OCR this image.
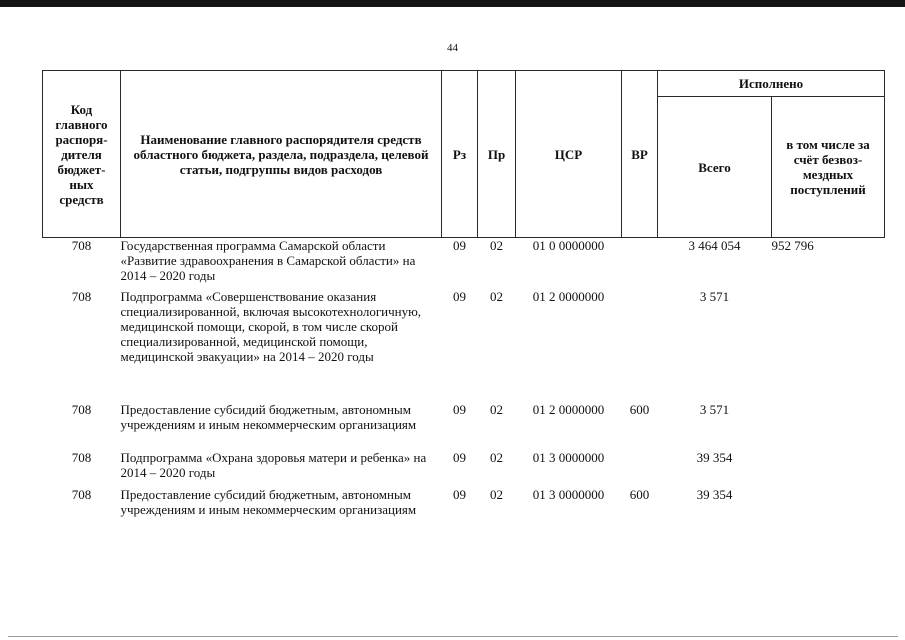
44
Код главного распоря-дителя бюджет-ных средств	Наименование главного распорядителя средств областного бюджета, раздела, подраздела, целевой статьи, подгруппы видов расходов	Рз	Пр	ЦСР	ВР	Исполнено	
						Всего	в том числе за счёт безвоз-мездных поступлений
708	Государственная программа Самарской области «Развитие здравоохранения в Самарской области» на 2014 – 2020 годы	09	02	01 0 0000000		3 464 054	952 796
708	Подпрограмма «Совершенствование оказания специализированной, включая высокотехнологичную, медицинской помощи, скорой, в том числе скорой специализированной, медицинской помощи, медицинской эвакуации» на 2014 – 2020 годы	09	02	01 2 0000000		3 571	
708	Предоставление субсидий бюджетным, автономным учреждениям и иным некоммерческим организациям	09	02	01 2 0000000	600	3 571	
708	Подпрограмма «Охрана здоровья матери и ребенка» на 2014 – 2020 годы	09	02	01 3 0000000		39 354	
708	Предоставление субсидий бюджетным, автономным учреждениям и иным некоммерческим организациям	09	02	01 3 0000000	600	39 354	
